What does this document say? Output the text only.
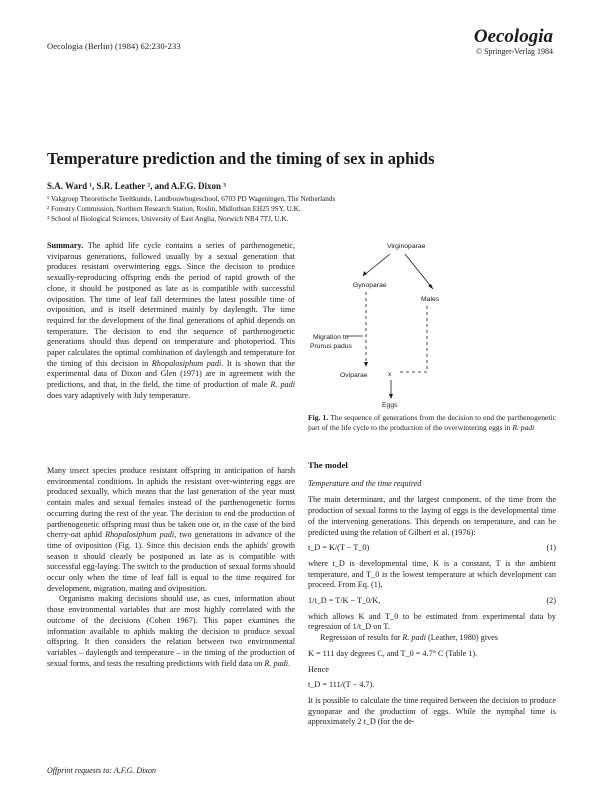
Oecologia (Berlin) (1984) 62:230-233	Oecologia
© Springer-Verlag 1984
Temperature prediction and the timing of sex in aphids
S.A. Ward ¹, S.R. Leather ², and A.F.G. Dixon ³
¹ Vakgroep Theoretische Teeltkunde, Landbouwhogeschool, 6703 PD Wageningen, The Netherlands
² Forestry Commission, Northern Research Station, Roslin, Midlothian EH25 9SY, U.K.
³ School of Biological Sciences, University of East Anglia, Norwich NR4 7TJ, U.K.

Summary. The aphid life cycle contains a series of parthenogenetic, viviparous generations, followed usually by a sexual generation that produces resistant overwintering eggs. Since the decision to produce sexually-reproducing offspring ends the period of rapid growth of the clone, it should be postponed as late as is compatible with successful oviposition. The time of leaf fall determines the latest possible time of oviposition, and is itself determined mainly by daylength. The time required for the development of the final generations of aphid depends on temperature. The decision to end the sequence of parthenogenetic generations should thus depend on temperature and photoperiod. This paper calculates the optimal combination of daylength and temperature for the timing of this decision in Rhopalosiphum padi. It is shown that the experimental data of Dixon and Glen (1971) are in agreement with the predictions, and that, in the field, the time of production of male R. padi does vary adaptively with July temperature.

Many insect species produce resistant offspring in anticipation of harsh environmental conditions. In aphids the resistant over-wintering eggs are produced sexually, which means that the last generation of the year must contain males and sexual females instead of the parthenogenetic forms occurring during the rest of the year. The decision to end the production of parthenogenetic offspring must thus be taken one or, in the case of the bird cherry-oat aphid Rhopalosiphum padi, two generations in advance of the time of oviposition (Fig. 1). Since this decision ends the aphids' growth season it should clearly be postponed as late as is compatible with successful egg-laying. The switch to the production of sexual forms should occur only when the time of leaf fall is equal to the time required for development, migration, mating and oviposition.

Organisms making decisions should use, as cues, information about those environmental variables that are most highly correlated with the outcome of the decisions (Cohen 1967). This paper examines the information available to aphids making the decision to produce sexual offspring. It then considers the relation between two environmental variables – daylength and temperature – in the timing of the production of sexual forms, and tests the resulting predictions with field data on R. padi.

Offprint requests to: A.F.G. Dixon
Virginoparae
Gynoparae
Males
Migration to
Prunus padus
Oviparae	x
Eggs
Fig. 1. The sequence of generations from the decision to end the parthenogenetic part of the life cycle to the production of the overwintering eggs in R. padi
The model
Temperature and the time required

The main determinant, and the largest component, of the time from the production of sexual forms to the laying of eggs is the developmental time of the intervening generations. This depends on temperature, and can be predicted using the relation of Gilbert et al. (1976):

t_D = K/(T − T_0)	(1)

where t_D is developmental time, K is a constant, T is the ambient temperature, and T_0 is the lowest temperature at which development can proceed. From Eq. (1),

1/t_D = T/K − T_0/K,	(2)

which allows K and T_0 to be estimated from experimental data by regression of 1/t_D on T.

Regression of results for R. padi (Leather, 1980) gives

K = 111 day degrees C, and T_0 = 4.7° C (Table 1).

Hence

t_D = 111/(T − 4.7).

It is possible to calculate the time required between the decision to produce gynoparae and the production of eggs. While the nymphal time is approximately 2 t_D (for the de-
